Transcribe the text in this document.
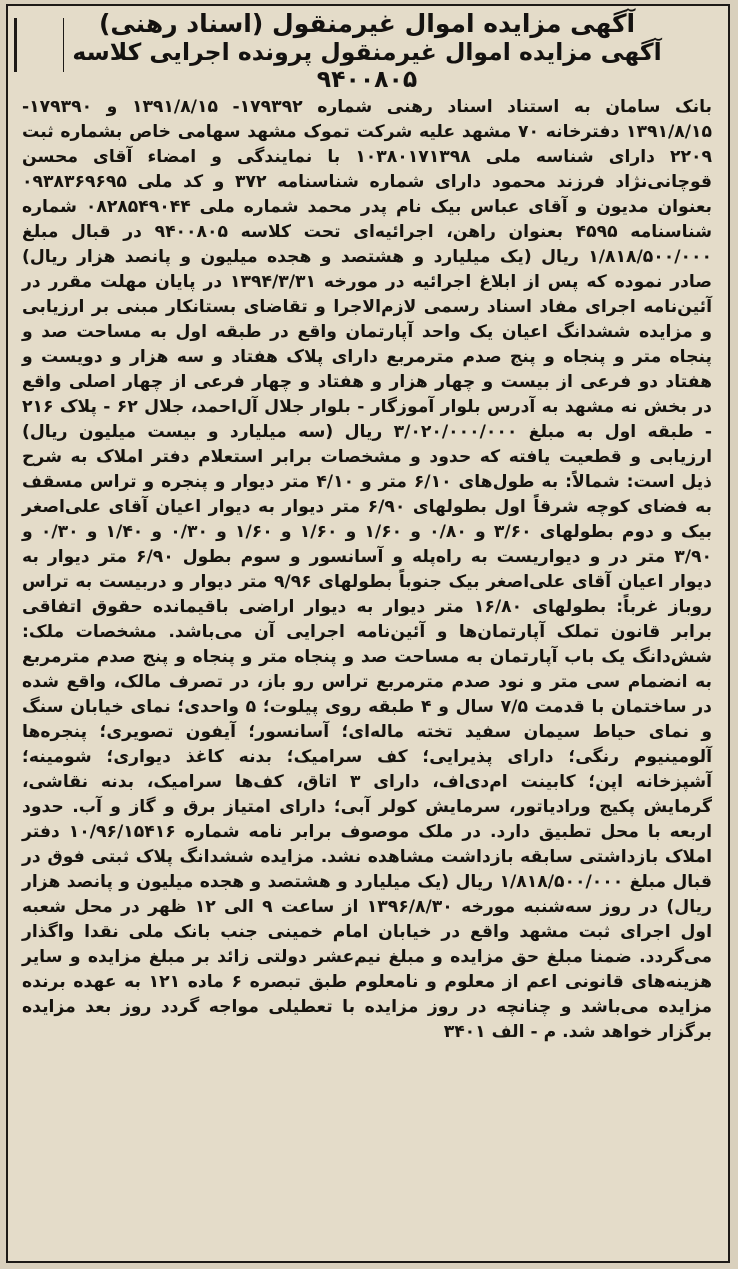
آگهی مزایده اموال غیرمنقول (اسناد رهنی)
آگهی مزایده اموال غیرمنقول پرونده اجرایی کلاسه ۹۴۰۰۸۰۵

بانک سامان به استناد اسناد رهنی شماره ۱۷۹۳۹۲- ۱۳۹۱/۸/۱۵ و ۱۷۹۳۹۰- ۱۳۹۱/۸/۱۵ دفترخانه ۷۰ مشهد علیه شرکت تموک مشهد سهامی خاص بشماره ثبت ۲۲۰۹ دارای شناسه ملی ۱۰۳۸۰۱۷۱۳۹۸ با نمایندگی و امضاء آقای محسن قوچانی‌نژاد فرزند محمود دارای شماره شناسنامه ۳۷۲ و کد ملی ۰۹۳۸۳۶۹۶۹۵ بعنوان مدیون و آقای عباس بیک نام پدر محمد شماره ملی ۰۸۲۸۵۴۹۰۴۴ شماره شناسنامه ۴۵۹۵ بعنوان راهن، اجرائیه‌ای تحت کلاسه ۹۴۰۰۸۰۵ در قبال مبلغ ۱/۸۱۸/۵۰۰/۰۰۰ ریال (یک میلیارد و هشتصد و هجده میلیون و پانصد هزار ریال) صادر نموده که پس از ابلاغ اجرائیه در مورخه ۱۳۹۴/۳/۳۱ در پایان مهلت مقرر در آئین‌نامه اجرای مفاد اسناد رسمی لازم‌الاجرا و تقاضای بستانکار مبنی بر ارزیابی و مزایده ششدانگ اعیان یک واحد آپارتمان واقع در طبقه اول به مساحت صد و پنجاه متر و پنجاه و پنج صدم مترمربع دارای پلاک هفتاد و سه هزار و دویست و هفتاد دو فرعی از بیست و چهار هزار و هفتاد و چهار فرعی از چهار اصلی واقع در بخش نه مشهد به آدرس بلوار آموزگار - بلوار جلال آل‌احمد، جلال ۶۲ - پلاک ۲۱۶ - طبقه اول به مبلغ ۳/۰۲۰/۰۰۰/۰۰۰ ریال (سه میلیارد و بیست میلیون ریال) ارزیابی و قطعیت یافته که حدود و مشخصات برابر استعلام دفتر املاک به شرح ذیل است: شمالاً: به طول‌های ۶/۱۰ متر و ۴/۱۰ متر دیوار و پنجره و تراس مسقف به فضای کوچه شرقاً اول بطولهای ۶/۹۰ متر دیوار به دیوار اعیان آقای علی‌اصغر بیک و دوم بطولهای ۳/۶۰ و ۰/۸۰ و ۱/۶۰ و ۱/۶۰ و ۱/۶۰ و ۰/۳۰ و ۱/۴۰ و ۰/۳۰ و ۳/۹۰ متر در و دیواریست به راه‌پله و آسانسور و سوم بطول ۶/۹۰ متر دیوار به دیوار اعیان آقای علی‌اصغر بیک جنوباً بطولهای ۹/۹۶ متر دیوار و دربیست به تراس روباز غرباً: بطولهای ۱۶/۸۰ متر دیوار به دیوار اراضی باقیمانده حقوق اتفاقی برابر قانون تملک آپارتمان‌ها و آئین‌نامه اجرایی آن می‌باشد. مشخصات ملک: شش‌دانگ یک باب آپارتمان به مساحت صد و پنجاه متر و پنجاه و پنج صدم مترمربع به انضمام سی متر و نود صدم مترمربع تراس رو باز، در تصرف مالک، واقع شده در ساختمان با قدمت ۷/۵ سال و ۴ طبقه روی پیلوت؛ ۵ واحدی؛ نمای خیابان سنگ و نمای حیاط سیمان سفید تخته ماله‌ای؛ آسانسور؛ آیفون تصویری؛ پنجره‌ها آلومینیوم رنگی؛ دارای پذیرایی؛ کف سرامیک؛ بدنه کاغذ دیواری؛ شومینه؛ آشپزخانه اپن؛ کابینت ام‌دی‌اف، دارای ۳ اتاق، کف‌ها سرامیک، بدنه نقاشی، گرمایش پکیج ورادیاتور، سرمایش کولر آبی؛ دارای امتیاز برق و گاز و آب. حدود اربعه با محل تطبیق دارد. در ملک موصوف برابر نامه شماره ۱۰/۹۶/۱۵۴۱۶ دفتر املاک بازداشتی سابقه بازداشت مشاهده نشد. مزایده ششدانگ پلاک ثبتی فوق در قبال مبلغ ۱/۸۱۸/۵۰۰/۰۰۰ ریال (یک میلیارد و هشتصد و هجده میلیون و پانصد هزار ریال) در روز سه‌شنبه مورخه ۱۳۹۶/۸/۳۰ از ساعت ۹ الی ۱۲ ظهر در محل شعبه اول اجرای ثبت مشهد واقع در خیابان امام خمینی جنب بانک ملی نقدا واگذار می‌گردد. ضمنا مبلغ حق مزایده و مبلغ نیم‌عشر دولتی زائد بر مبلغ مزایده و سایر هزینه‌های قانونی اعم از معلوم و نامعلوم طبق تبصره ۶ ماده ۱۲۱ به عهده برنده مزایده می‌باشد و چنانچه در روز مزایده با تعطیلی مواجه گردد روز بعد مزایده برگزار خواهد شد. م - الف ۳۴۰۱
